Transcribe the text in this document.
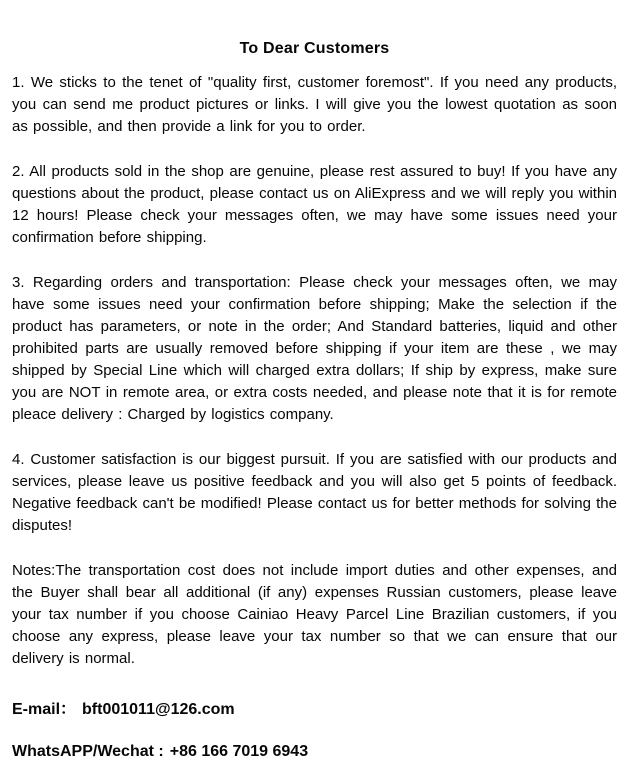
To Dear Customers

1. We sticks to the tenet of "quality first, customer foremost". If you need any products, you can send me product pictures or links. I will give you the lowest quotation as soon as possible, and then provide a link for you to order.

2. All products sold in the shop are genuine, please rest assured to buy! If you have any questions about the product, please contact us on AliExpress and we will reply you within 12 hours! Please check your messages often, we may have some issues need your confirmation before shipping.

3. Regarding orders and transportation: Please check your messages often, we may have some issues need your confirmation before shipping; Make the selection if the product has parameters, or note in the order; And Standard batteries, liquid and other prohibited parts are usually removed before shipping if your item are these , we may shipped by Special Line which will charged extra dollars; If ship by express, make sure you are NOT in remote area, or extra costs needed, and please note that it is for remote pleace delivery : Charged by logistics company.

4. Customer satisfaction is our biggest pursuit. If you are satisfied with our products and services, please leave us positive feedback and you will also get 5 points of feedback. Negative feedback can't be modified! Please contact us for better methods for solving the disputes!

Notes:The transportation cost does not include import duties and other expenses, and the Buyer shall bear all additional (if any) expenses Russian customers, please leave your tax number if you choose Cainiao Heavy Parcel Line Brazilian customers, if you choose any express, please leave your tax number so that we can ensure that our delivery is normal.

E-mail： bft001011@126.com

WhatsAPP/Wechat : +86 166 7019 6943
